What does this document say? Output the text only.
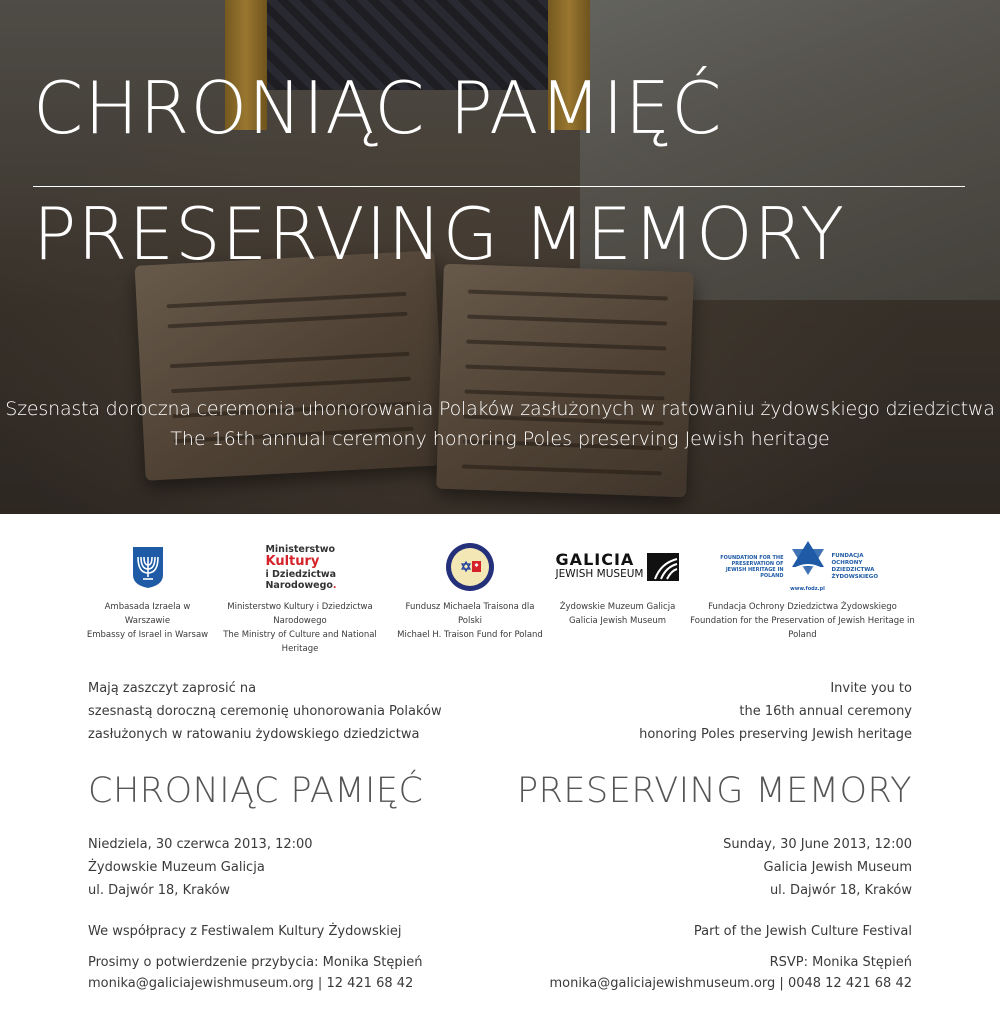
CHRONIĄC PAMIĘĆ
PRESERVING MEMORY
Szesnasta doroczna ceremonia uhonorowania Polaków zasłużonych w ratowaniu żydowskiego dziedzictwa
The 16th annual ceremony honoring Poles preserving Jewish heritage
Ambasada Izraela w Warszawie
Embassy of Israel in Warsaw
Ministerstwo
Kultury
i Dziedzictwa
Narodowego.
Ministerstwo Kultury i Dziedzictwa Narodowego
The Ministry of Culture and National Heritage
Fundusz Michaela Traisona dla Polski
Michael H. Traison Fund for Poland
GALICIA
JEWISH MUSEUM
Żydowskie Muzeum Galicja
Galicia Jewish Museum
FOUNDATION FOR THE PRESERVATION OF JEWISH HERITAGE IN POLAND
www.fodz.pl
FUNDACJA OCHRONY DZIEDZICTWA ŻYDOWSKIEGO
Fundacja Ochrony Dziedzictwa Żydowskiego
Foundation for the Preservation of Jewish Heritage in Poland
Mają zaszczyt zaprosić na
szesnastą doroczną ceremonię uhonorowania Polaków
zasłużonych w ratowaniu żydowskiego dziedzictwa
CHRONIĄC PAMIĘĆ
Niedziela, 30 czerwca 2013, 12:00
Żydowskie Muzeum Galicja
ul. Dajwór 18, Kraków
We współpracy z Festiwalem Kultury Żydowskiej
Prosimy o potwierdzenie przybycia: Monika Stępień
monika@galiciajewishmuseum.org | 12 421 68 42
Invite you to
the 16th annual ceremony
honoring Poles preserving Jewish heritage
PRESERVING MEMORY
Sunday, 30 June 2013, 12:00
Galicia Jewish Museum
ul. Dajwór 18, Kraków
Part of the Jewish Culture Festival
RSVP: Monika Stępień
monika@galiciajewishmuseum.org | 0048 12 421 68 42
